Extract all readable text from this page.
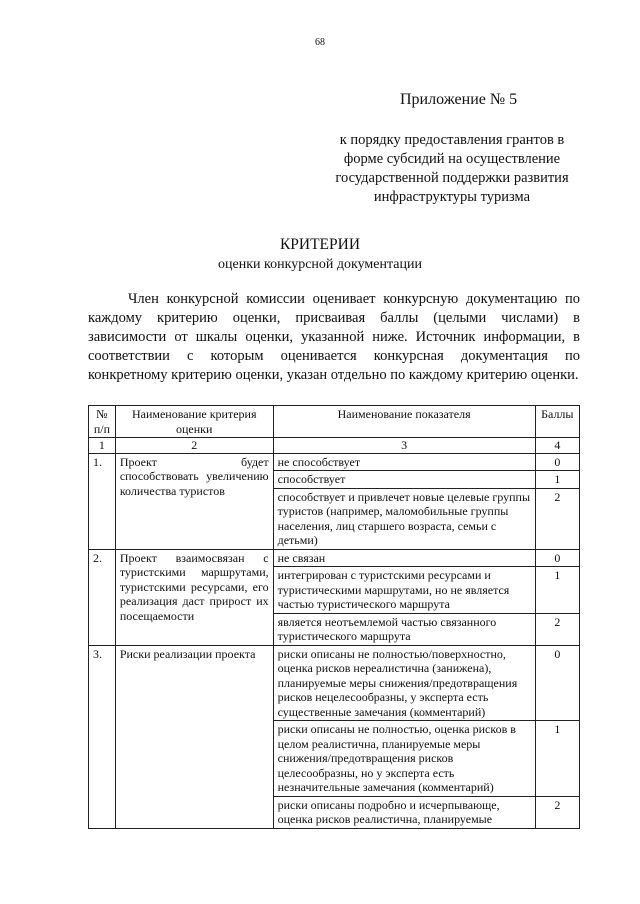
68
Приложение № 5
к порядку предоставления грантов в форме субсидий на осуществление государственной поддержки развития инфраструктуры туризма
КРИТЕРИИ
оценки конкурсной документации

Член конкурсной комиссии оценивает конкурсную документацию по каждому критерию оценки, присваивая баллы (целыми числами) в зависимости от шкалы оценки, указанной ниже. Источник информации, в соответствии с которым оценивается конкурсная документация по конкретному критерию оценки, указан отдельно по каждому критерию оценки.

№ п/п	Наименование критерия оценки	Наименование показателя	Баллы
1	2	3	4
1.	Проект будет способствовать увеличению количества туристов	не способствует	0
		способствует	1
		способствует и привлечет новые целевые группы туристов (например, маломобильные группы населения, лиц старшего возраста, семьи с детьми)	2
2.	Проект взаимосвязан с туристскими маршрутами, туристскими ресурсами, его реализация даст прирост их посещаемости	не связан	0
		интегрирован с туристскими ресурсами и туристическими маршрутами, но не является частью туристического маршрута	1
		является неотъемлемой частью связанного туристического маршрута	2
3.	Риски реализации проекта	риски описаны не полностью/поверхностно, оценка рисков нереалистична (занижена), планируемые меры снижения/предотвращения рисков нецелесообразны, у эксперта есть существенные замечания (комментарий)	0
		риски описаны не полностью, оценка рисков в целом реалистична, планируемые меры снижения/предотвращения рисков целесообразны, но у эксперта есть незначительные замечания (комментарий)	1
		риски описаны подробно и исчерпывающе, оценка рисков реалистична, планируемые	2
